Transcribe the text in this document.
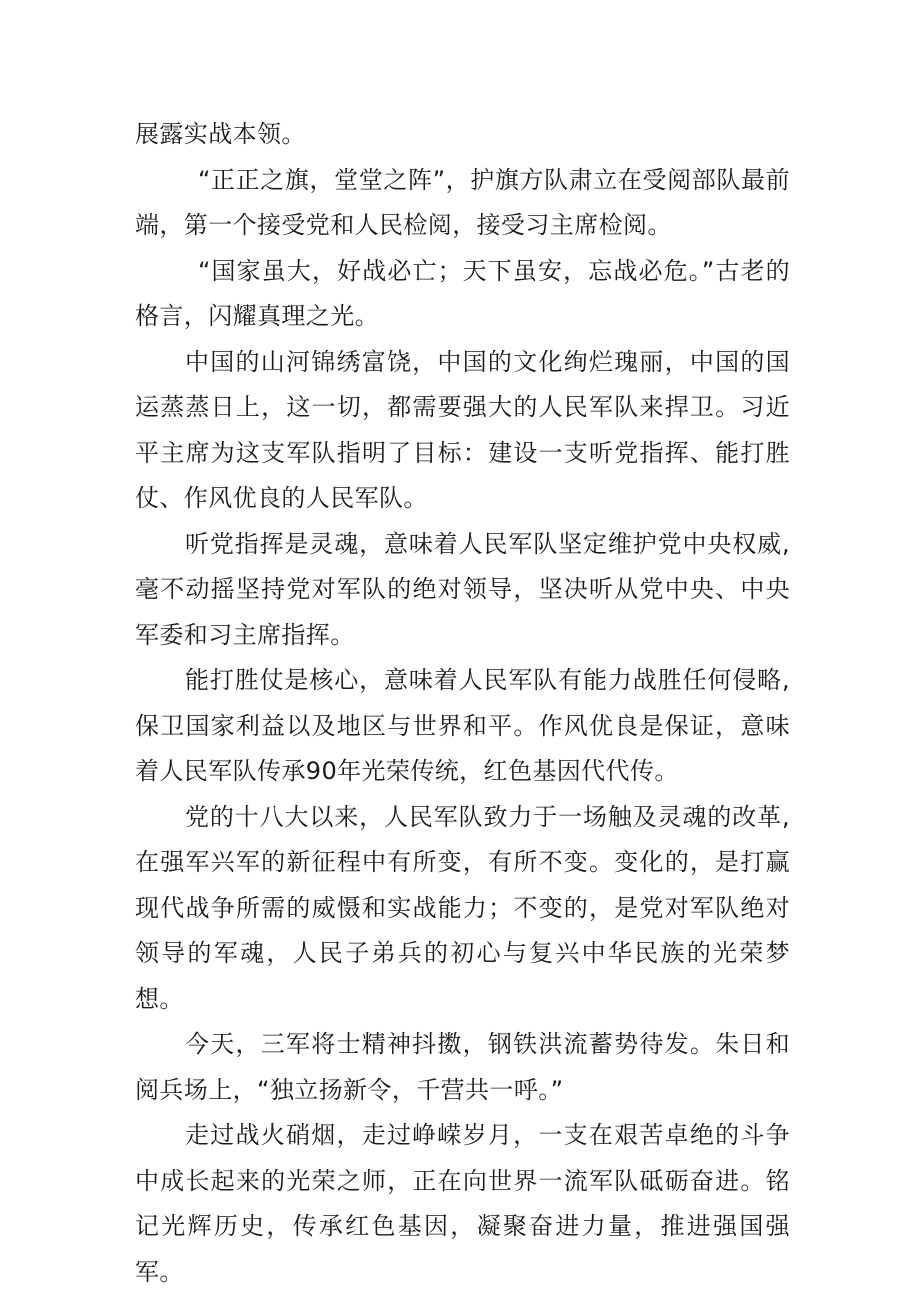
展露实战本领。

“正正之旗，堂堂之阵”，护旗方队肃立在受阅部队最前端，第一个接受党和人民检阅，接受习主席检阅。

“国家虽大，好战必亡；天下虽安，忘战必危。”古老的格言，闪耀真理之光。

中国的山河锦绣富饶，中国的文化绚烂瑰丽，中国的国运蒸蒸日上，这一切，都需要强大的人民军队来捍卫。习近平主席为这支军队指明了目标：建设一支听党指挥、能打胜仗、作风优良的人民军队。

听党指挥是灵魂，意味着人民军队坚定维护党中央权威,毫不动摇坚持党对军队的绝对领导，坚决听从党中央、中央军委和习主席指挥。

能打胜仗是核心，意味着人民军队有能力战胜任何侵略,保卫国家利益以及地区与世界和平。作风优良是保证，意味着人民军队传承90年光荣传统，红色基因代代传。

党的十八大以来，人民军队致力于一场触及灵魂的改革,在强军兴军的新征程中有所变，有所不变。变化的，是打赢现代战争所需的威慑和实战能力；不变的，是党对军队绝对领导的军魂，人民子弟兵的初心与复兴中华民族的光荣梦想。

今天，三军将士精神抖擞，钢铁洪流蓄势待发。朱日和阅兵场上，“独立扬新令，千营共一呼。”

走过战火硝烟，走过峥嵘岁月，一支在艰苦卓绝的斗争中成长起来的光荣之师，正在向世界一流军队砥砺奋进。铭记光辉历史，传承红色基因，凝聚奋进力量，推进强国强军。
